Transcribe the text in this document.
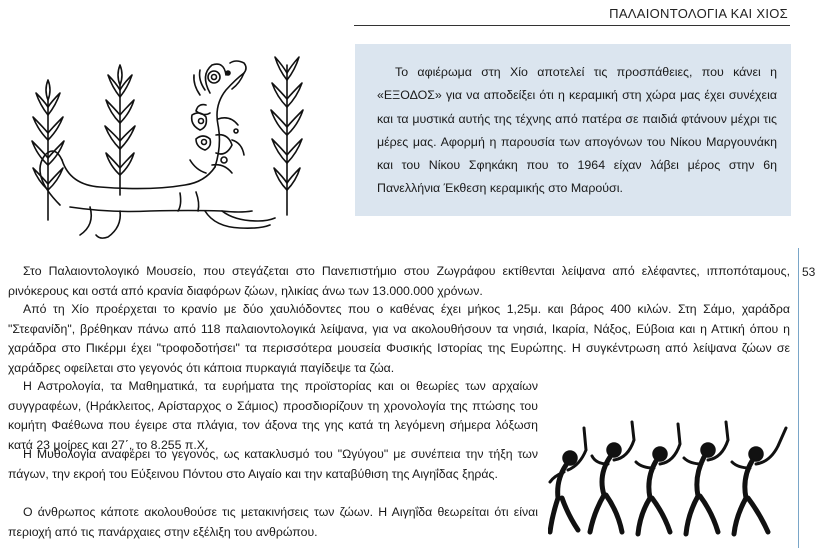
ΠΑΛΑΙΟΝΤΟΛΟΓΙΑ ΚΑΙ ΧΙΟΣ

Το αφιέρωμα στη Χίο αποτελεί τις προσπάθειες, που κάνει η «ΕΞΟΔΟΣ» για να αποδείξει ότι η κεραμική στη χώρα μας έχει συνέχεια και τα μυστικά αυτής της τέχνης από πατέρα σε παιδιά φτάνουν μέχρι τις μέρες μας. Αφορμή η παρουσία των απογόνων του Νίκου Μαργουνάκη και του Νίκου Σφηκάκη που το 1964 είχαν λάβει μέρος στην 6η Πανελλήνια Έκθεση κεραμικής στο Μαρούσι.

53

Στο Παλαιοντολογικό Μουσείο, που στεγάζεται στο Πανεπιστήμιο στου Ζωγράφου εκτίθενται λείψανα από ελέφαντες, ιπποπόταμους, ρινόκερους και οστά από κρανία διαφόρων ζώων, ηλικίας άνω των 13.000.000 χρόνων.

Από τη Χίο προέρχεται το κρανίο με δύο χαυλιόδοντες που ο καθένας έχει μήκος 1,25μ. και βάρος 400 κιλών. Στη Σάμο, χαράδρα "Στεφανίδη", βρέθηκαν πάνω από 118 παλαιοντολογικά λείψανα, για να ακολουθήσουν τα νησιά, Ικαρία, Νάξος, Εύβοια και η Αττική όπου η χαράδρα στο Πικέρμι έχει "τροφοδοτήσει" τα περισσότερα μουσεία Φυσικής Ιστορίας της Ευρώπης. Η συγκέντρωση από λείψανα ζώων σε χαράδρες οφείλεται στο γεγονός ότι κάποια πυρκαγιά παγίδεψε τα ζώα.

Η Αστρολογία, τα Μαθηματικά, τα ευρήματα της προϊστορίας και οι θεωρίες των αρχαίων συγγραφέων, (Ηράκλειτος, Αρίσταρχος ο Σάμιος) προσδιορίζουν τη χρονολογία της πτώσης του κομήτη Φαέθωνα που έγειρε στα πλάγια, τον άξονα της γης κατά τη λεγόμενη σήμερα λόξωση κατά 23 μοίρες και 27΄, το 8.255 π.Χ.

Η Μυθολογία αναφέρει το γεγονός, ως κατακλυσμό του "Ωγύγου" με συνέπεια την τήξη των πάγων, την εκροή του Εύξεινου Πόντου στο Αιγαίο και την καταβύθιση της Αιγηΐδας ξηράς.

Ο άνθρωπος κάποτε ακολουθούσε τις μετακινήσεις των ζώων. Η Αιγηΐδα θεωρείται ότι είναι περιοχή από τις πανάρχαιες στην εξέλιξη του ανθρώπου.
